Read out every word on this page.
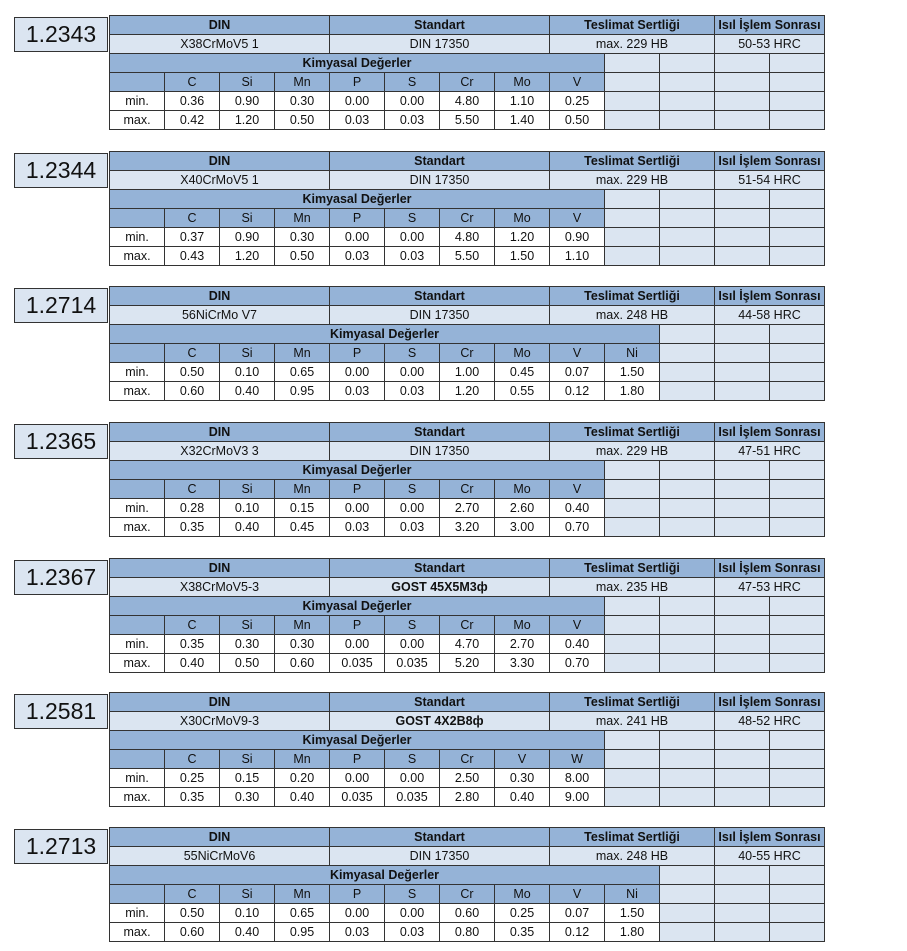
1.2343	DIN				Standart				Teslimat Sertliği			Isıl İşlem Sonrası	
X38CrMoV5 1				DIN 17350				max. 229 HB			50-53 HRC	
Kimyasal Değerler												
	C	Si	Mn	P	S	Cr	Mo	V				
min.	0.36	0.90	0.30	0.00	0.00	4.80	1.10	0.25				
max.	0.42	1.20	0.50	0.03	0.03	5.50	1.40	0.50				
1.2344	DIN				Standart				Teslimat Sertliği			Isıl İşlem Sonrası	
X40CrMoV5 1				DIN 17350				max. 229 HB			51-54 HRC	
Kimyasal Değerler												
	C	Si	Mn	P	S	Cr	Mo	V				
min.	0.37	0.90	0.30	0.00	0.00	4.80	1.20	0.90				
max.	0.43	1.20	0.50	0.03	0.03	5.50	1.50	1.10				
1.2714	DIN				Standart				Teslimat Sertliği			Isıl İşlem Sonrası	
56NiCrMo V7				DIN 17350				max. 248 HB			44-58 HRC	
Kimyasal Değerler												
	C	Si	Mn	P	S	Cr	Mo	V	Ni			
min.	0.50	0.10	0.65	0.00	0.00	1.00	0.45	0.07	1.50			
max.	0.60	0.40	0.95	0.03	0.03	1.20	0.55	0.12	1.80			
1.2365	DIN				Standart				Teslimat Sertliği			Isıl İşlem Sonrası	
X32CrMoV3 3				DIN 17350				max. 229 HB			47-51 HRC	
Kimyasal Değerler												
	C	Si	Mn	P	S	Cr	Mo	V				
min.	0.28	0.10	0.15	0.00	0.00	2.70	2.60	0.40				
max.	0.35	0.40	0.45	0.03	0.03	3.20	3.00	0.70				
1.2367	DIN				Standart				Teslimat Sertliği			Isıl İşlem Sonrası	
X38CrMoV5-3				GOST 45X5M3ф				max. 235 HB			47-53 HRC	
Kimyasal Değerler												
	C	Si	Mn	P	S	Cr	Mo	V				
min.	0.35	0.30	0.30	0.00	0.00	4.70	2.70	0.40				
max.	0.40	0.50	0.60	0.035	0.035	5.20	3.30	0.70				
1.2581	DIN				Standart				Teslimat Sertliği			Isıl İşlem Sonrası	
X30CrMoV9-3				GOST 4X2B8ф				max. 241 HB			48-52 HRC	
Kimyasal Değerler												
	C	Si	Mn	P	S	Cr	V	W				
min.	0.25	0.15	0.20	0.00	0.00	2.50	0.30	8.00				
max.	0.35	0.30	0.40	0.035	0.035	2.80	0.40	9.00				
1.2713	DIN				Standart				Teslimat Sertliği			Isıl İşlem Sonrası	
55NiCrMoV6				DIN 17350				max. 248 HB			40-55 HRC	
Kimyasal Değerler												
	C	Si	Mn	P	S	Cr	Mo	V	Ni			
min.	0.50	0.10	0.65	0.00	0.00	0.60	0.25	0.07	1.50			
max.	0.60	0.40	0.95	0.03	0.03	0.80	0.35	0.12	1.80			
